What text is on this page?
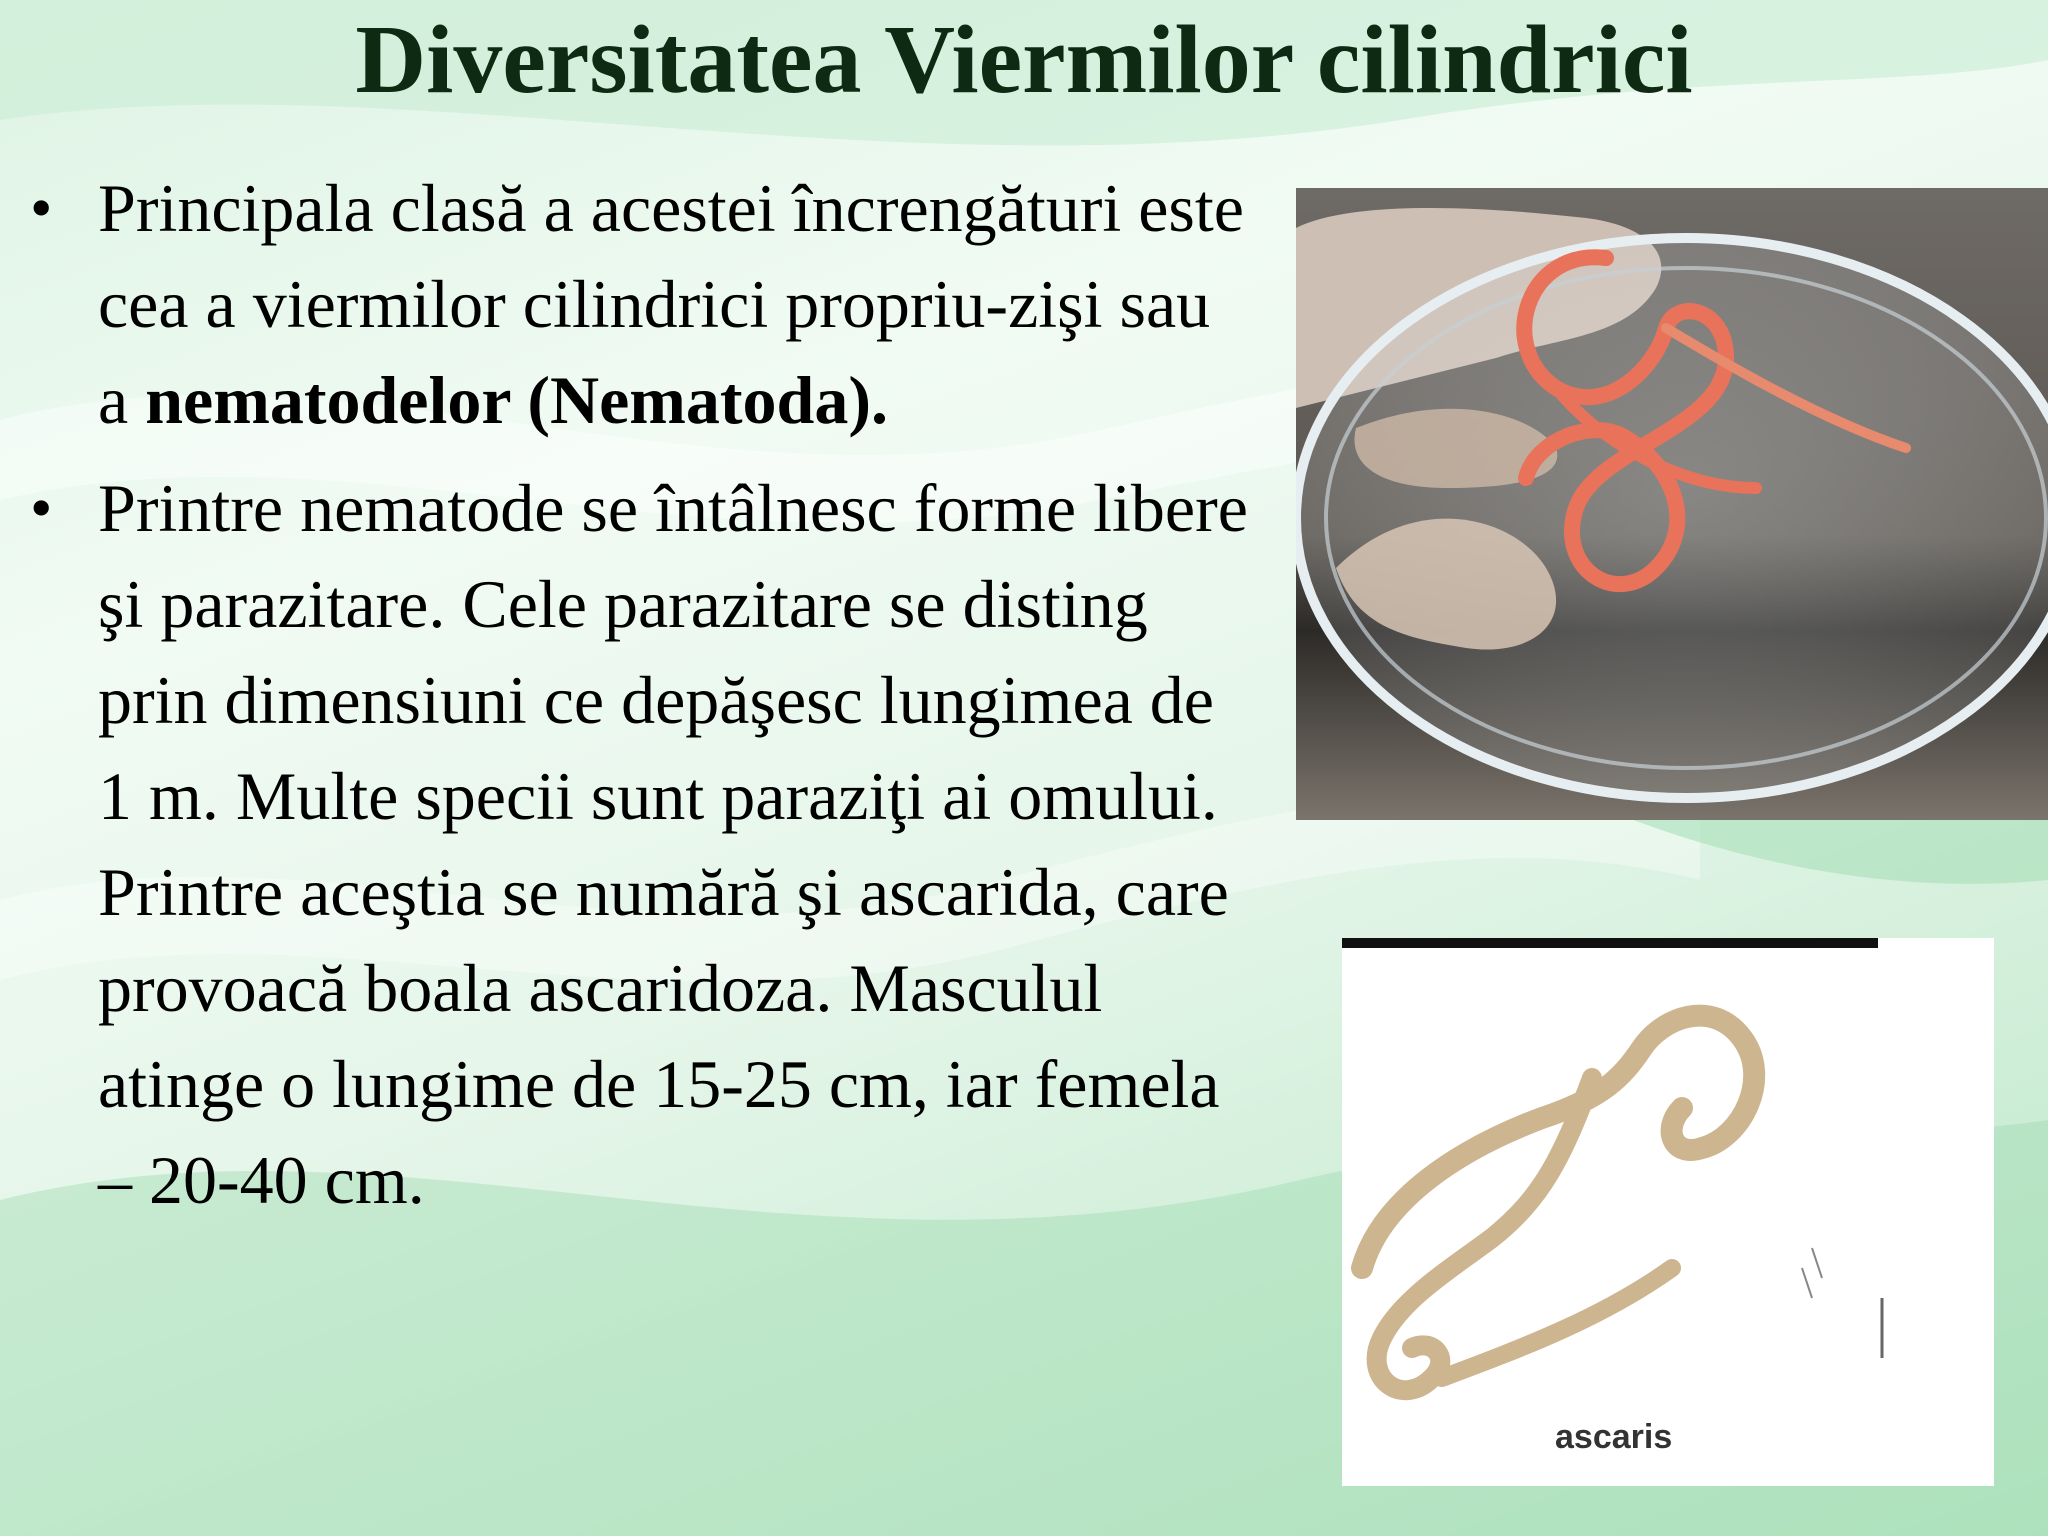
Diversitatea Viermilor cilindrici
• Principala clasă a acestei încrengături este cea a viermilor cilindrici propriu-zişi sau a nematodelor (Nematoda).
• Printre nematode se întâlnesc forme libere şi parazitare. Cele parazitare se disting prin dimensiuni ce depăşesc lungimea de 1 m. Multe specii sunt paraziţi ai omului. Printre aceştia se numără şi ascarida, care provoacă boala ascaridoza. Masculul atinge o lungime de 15-25 cm, iar femela – 20-40 cm.
ascaris
